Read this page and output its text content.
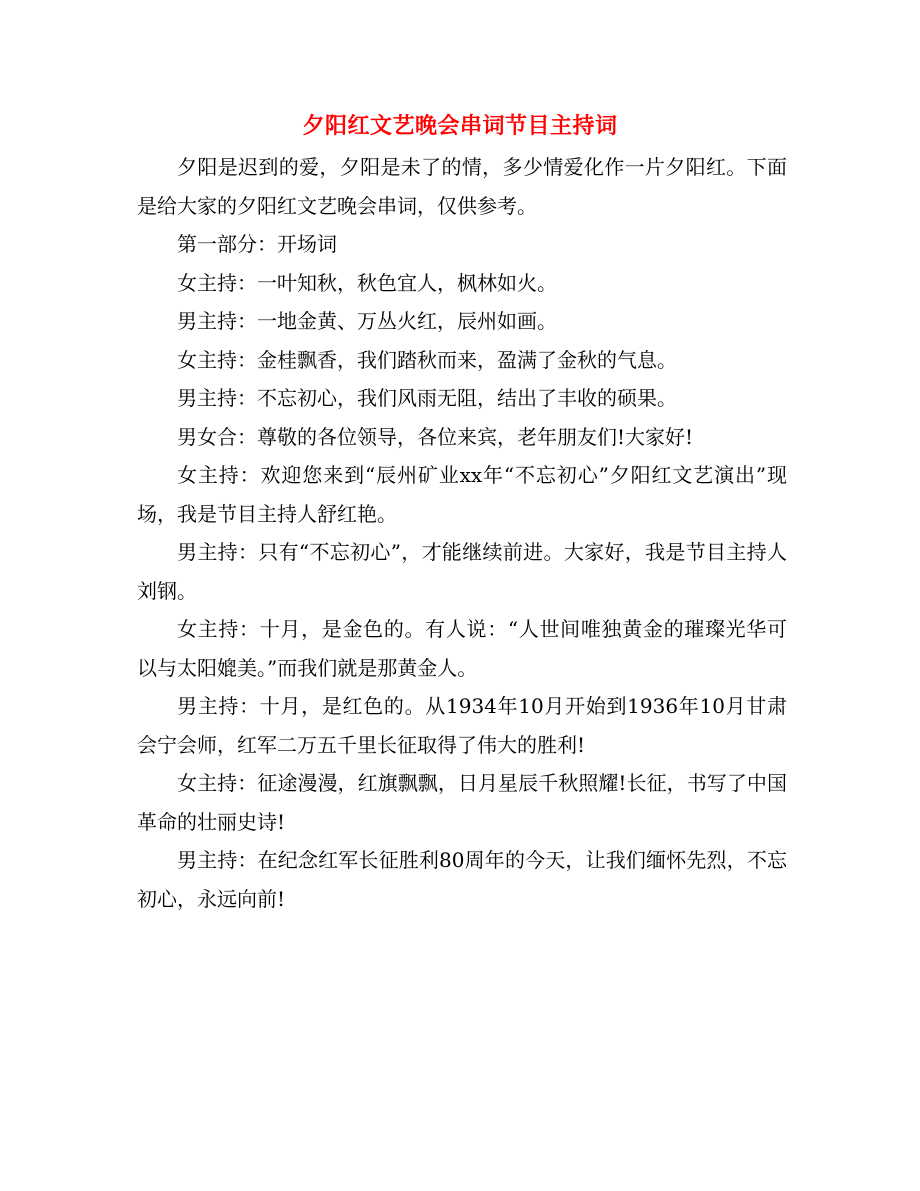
夕阳红文艺晚会串词节目主持词

夕阳是迟到的爱，夕阳是未了的情，多少情爱化作一片夕阳红。下面是给大家的夕阳红文艺晚会串词，仅供参考。

第一部分：开场词

女主持：一叶知秋，秋色宜人，枫林如火。

男主持：一地金黄、万丛火红，辰州如画。

女主持：金桂飘香，我们踏秋而来，盈满了金秋的气息。

男主持：不忘初心，我们风雨无阻，结出了丰收的硕果。

男女合：尊敬的各位领导，各位来宾，老年朋友们!大家好!

女主持：欢迎您来到“辰州矿业xx年“不忘初心”夕阳红文艺演出”现场，我是节目主持人舒红艳。

男主持：只有“不忘初心”，才能继续前进。大家好，我是节目主持人刘钢。

女主持：十月，是金色的。有人说：“人世间唯独黄金的璀璨光华可以与太阳媲美。”而我们就是那黄金人。

男主持：十月，是红色的。从1934年10月开始到1936年10月甘肃会宁会师，红军二万五千里长征取得了伟大的胜利!

女主持：征途漫漫，红旗飘飘，日月星辰千秋照耀!长征，书写了中国革命的壮丽史诗!

男主持：在纪念红军长征胜利80周年的今天，让我们缅怀先烈，不忘初心，永远向前!
